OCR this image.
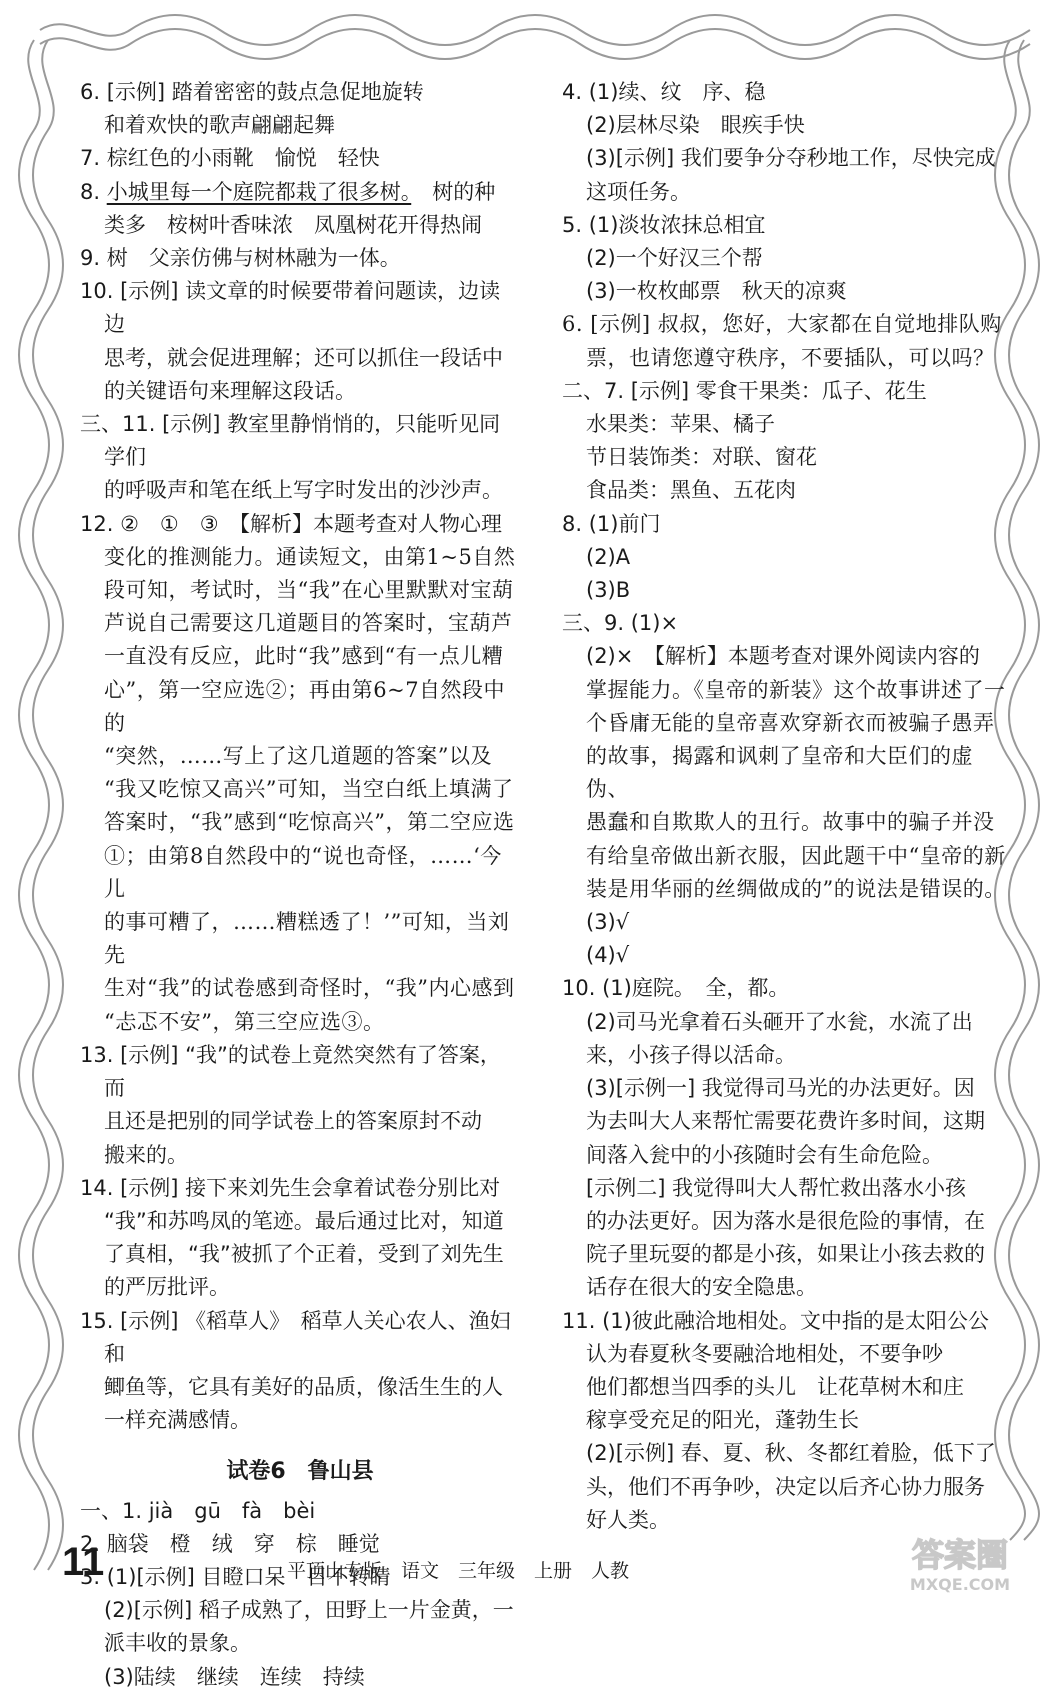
6. [示例] 踏着密密的鼓点急促地旋转

和着欢快的歌声翩翩起舞

7. 棕红色的小雨靴　愉悦　轻快

8. 小城里每一个庭院都栽了很多树。　树的种

类多　桉树叶香味浓　凤凰树花开得热闹

9. 树　父亲仿佛与树林融为一体。

10. [示例] 读文章的时候要带着问题读，边读边

思考，就会促进理解；还可以抓住一段话中

的关键语句来理解这段话。

三、11. [示例] 教室里静悄悄的，只能听见同学们

的呼吸声和笔在纸上写字时发出的沙沙声。

12. ②　①　③　【解析】本题考查对人物心理

变化的推测能力。通读短文，由第1~5自然

段可知，考试时，当“我”在心里默默对宝葫

芦说自己需要这几道题目的答案时，宝葫芦

一直没有反应，此时“我”感到“有一点儿糟

心”，第一空应选②；再由第6~7自然段中的

“突然，……写上了这几道题的答案”以及

“我又吃惊又高兴”可知，当空白纸上填满了

答案时，“我”感到“吃惊高兴”，第二空应选

①；由第8自然段中的“说也奇怪，……‘今儿

的事可糟了，……糟糕透了！’”可知，当刘先

生对“我”的试卷感到奇怪时，“我”内心感到

“忐忑不安”，第三空应选③。

13. [示例] “我”的试卷上竟然突然有了答案，而

且还是把别的同学试卷上的答案原封不动

搬来的。

14. [示例] 接下来刘先生会拿着试卷分别比对

“我”和苏鸣凤的笔迹。最后通过比对，知道

了真相，“我”被抓了个正着，受到了刘先生

的严厉批评。

15. [示例] 《稻草人》　稻草人关心农人、渔妇和

鲫鱼等，它具有美好的品质，像活生生的人

一样充满感情。

试卷6　鲁山县

一、1. jià　gū　fà　bèi

2. 脑袋　橙　绒　穿　棕　睡觉

3. (1)[示例] 目瞪口呆　目不转睛

(2)[示例] 稻子成熟了，田野上一片金黄，一

派丰收的景象。

(3)陆续　继续　连续　持续

4. (1)续、纹　序、稳

(2)层林尽染　眼疾手快

(3)[示例] 我们要争分夺秒地工作，尽快完成

这项任务。

5. (1)淡妆浓抹总相宜

(2)一个好汉三个帮

(3)一枚枚邮票　秋天的凉爽

6. [示例] 叔叔，您好，大家都在自觉地排队购

票，也请您遵守秩序，不要插队，可以吗？

二、7. [示例] 零食干果类：瓜子、花生

水果类：苹果、橘子

节日装饰类：对联、窗花

食品类：黑鱼、五花肉

8. (1)前门

(2)A

(3)B

三、9. (1)×

(2)×　【解析】本题考查对课外阅读内容的

掌握能力。《皇帝的新装》这个故事讲述了一

个昏庸无能的皇帝喜欢穿新衣而被骗子愚弄

的故事，揭露和讽刺了皇帝和大臣们的虚伪、

愚蠢和自欺欺人的丑行。故事中的骗子并没

有给皇帝做出新衣服，因此题干中“皇帝的新

装是用华丽的丝绸做成的”的说法是错误的。

(3)√

(4)√

10. (1)庭院。　全，都。

(2)司马光拿着石头砸开了水瓮，水流了出

来，小孩子得以活命。

(3)[示例一] 我觉得司马光的办法更好。因

为去叫大人来帮忙需要花费许多时间，这期

间落入瓮中的小孩随时会有生命危险。

[示例二] 我觉得叫大人帮忙救出落水小孩

的办法更好。因为落水是很危险的事情，在

院子里玩耍的都是小孩，如果让小孩去救的

话存在很大的安全隐患。

11. (1)彼此融洽地相处。文中指的是太阳公公

认为春夏秋冬要融洽地相处，不要争吵

他们都想当四季的头儿　让花草树木和庄

稼享受充足的阳光，蓬勃生长

(2)[示例] 春、夏、秋、冬都红着脸，低下了

头，他们不再争吵，决定以后齐心协力服务

好人类。

11	平顶山专版　语文　三年级　上册　人教	答案圈
MXQE.COM
